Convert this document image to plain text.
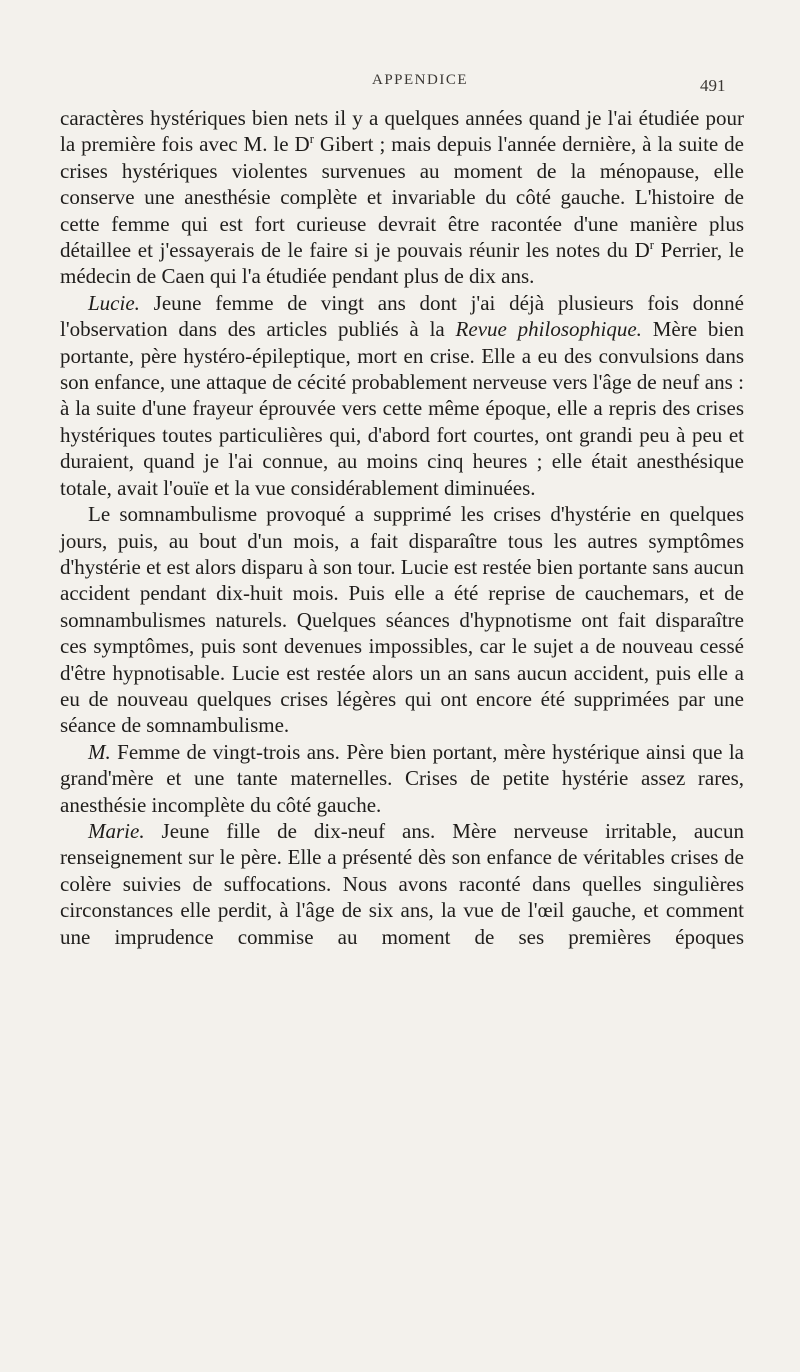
APPENDICE	491

caractères hystériques bien nets il y a quelques années quand je l'ai étudiée pour la première fois avec M. le $D^r$ Gibert ; mais depuis l'année dernière, à la suite de crises hystériques violentes survenues au moment de la ménopause, elle conserve une anesthésie complète et invariable du côté gauche. L'histoire de cette femme qui est fort curieuse devrait être racontée d'une manière plus détaillee et j'essayerais de le faire si je pouvais réunir les notes du $D^r$ Perrier, le médecin de Caen qui l'a étudiée pendant plus de dix ans.

Lucie. Jeune femme de vingt ans dont j'ai déjà plusieurs fois donné l'observation dans des articles publiés à la Revue philosophique. Mère bien portante, père hystéro-épileptique, mort en crise. Elle a eu des convulsions dans son enfance, une attaque de cécité probablement nerveuse vers l'âge de neuf ans : à la suite d'une frayeur éprouvée vers cette même époque, elle a repris des crises hystériques toutes particulières qui, d'abord fort courtes, ont grandi peu à peu et duraient, quand je l'ai connue, au moins cinq heures ; elle était anesthésique totale, avait l'ouïe et la vue considérablement diminuées.

Le somnambulisme provoqué a supprimé les crises d'hystérie en quelques jours, puis, au bout d'un mois, a fait disparaître tous les autres symptômes d'hystérie et est alors disparu à son tour. Lucie est restée bien portante sans aucun accident pendant dix-huit mois. Puis elle a été reprise de cauchemars, et de somnambulismes naturels. Quelques séances d'hypnotisme ont fait disparaître ces symptômes, puis sont devenues impossibles, car le sujet a de nouveau cessé d'être hypnotisable. Lucie est restée alors un an sans aucun accident, puis elle a eu de nouveau quelques crises légères qui ont encore été supprimées par une séance de somnambulisme.

M. Femme de vingt-trois ans. Père bien portant, mère hystérique ainsi que la grand'mère et une tante maternelles. Crises de petite hystérie assez rares, anesthésie incomplète du côté gauche.

Marie. Jeune fille de dix-neuf ans. Mère nerveuse irritable, aucun renseignement sur le père. Elle a présenté dès son enfance de véritables crises de colère suivies de suffocations. Nous avons raconté dans quelles singulières circonstances elle perdit, à l'âge de six ans, la vue de l'œil gauche, et comment une imprudence commise au moment de ses premières époques
